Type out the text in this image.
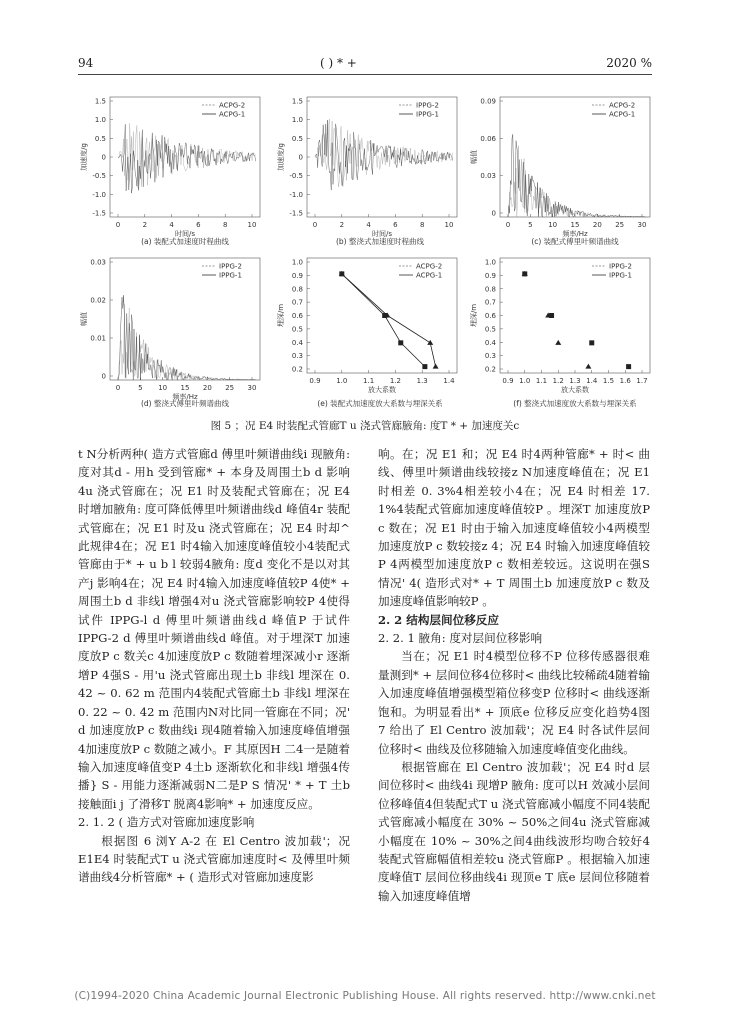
94	( ) * +	2020 %
1.5
1.0
0.5
0
-0.5
-1.0
-1.5
0	2	4	6	8	10
时间/s
加速度/g
(a) 装配式加速度时程曲线
ACPG-2
ACPG-1
1.5
1.0
0.5
0
-0.5
-1.0
-1.5
0	2	4	6	8	10
时间/s
加速度/g
(b) 整浇式加速度时程曲线
IPPG-2
IPPG-1
0.09
0.06
0.03
0
0	5 10 15 20 25 30
频率/Hz
幅值
(c) 装配式傅里叶频谱曲线
ACPG-2
ACPG-1
0.03
0.02
0.01
0
0	5 10 15 20 25 30
频率/Hz
幅值
(d) 整浇式傅里叶频谱曲线
IPPG-2
IPPG-1
1.0
0.9
0.8
0.7
0.6
0.5
0.4
0.3
0.2
0.9 1.0 1.1 1.2 1.3 1.4
放大系数
埋深/m
(e) 装配式加速度放大系数与埋深关系
ACPG-2
ACPG-1
1.0
0.9
0.8
0.7
0.6
0.5
0.4
0.3
0.2
0.9 1.0 1.1 1.2 1.3 1.4 1.5 1.6 1.7
放大系数
埋深/m
(f) 整浇式加速度放大系数与埋深关系
IPPG-2
IPPG-1
图 5 ；况 E4 时装配式管廊T u 浇式管廊腋角: 度T * + 加速度关c

t N分析两种( 造方式管廊d 傅里叶频谱曲线i 现腋角: 度对其d - 用h 受到管廊* + 本身及周围土b d 影响4u 浇式管廊在；况 E1 时及装配式管廊在；况 E4 时增加腋角: 度可降低傅里叶频谱曲线d 峰值4r 装配式管廊在；况 E1 时及u 浇式管廊在；况 E4 时却^ 此规律4在；况 E1 时4输入加速度峰值较小4装配式管廊由于* + u b l 较弱4腋角: 度d 变化不是以对其产j 影响4在；况 E4 时4输入加速度峰值较P 4使* + 周围土b d 非线l 增强4对u 浇式管廊影响较P 4使得试件 IPPG-l d 傅里叶频谱曲线d 峰值P 于试件 IPPG-2 d 傅里叶频谱曲线d 峰值。对于埋深T 加速度放P c 数关c 4加速度放P c 数随着埋深减小r 逐渐增P 4强S - 用'u 浇式管廊出现土b 非线l 埋深在 0. 42 ~ 0. 62 m 范围内4装配式管廊土b 非线l 埋深在 0. 22 ~ 0. 42 m 范围内N对比同一管廊在不同；况' d 加速度放P c 数曲线i 现4随着输入加速度峰值增强4加速度放P c 数随之减小。F 其原因H 二4一是随着输入加速度峰值变P 4土b 逐渐软化和非线l 增强4传播} S - 用能力逐渐减弱N二是P S 情况' * + T 土b 接触面i j 了滑移T 脱离4影响* + 加速度反应。

2. 1. 2 ( 造方式对管廊加速度影响

根据图 6 浏Y A-2 在 El Centro 波加载'；况 E1E4 时装配式T u 浇式管廊加速度时< 及傅里叶频谱曲线4分析管廊* + ( 造形式对管廊加速度影

响。在；况 E1 和；况 E4 时4两种管廊* + 时< 曲线、傅里叶频谱曲线较接z N加速度峰值在；况 E1 时相差 0. 3%4相差较小4在；况 E4 时相差 17. 1%4装配式管廊加速度峰值较P 。埋深T 加速度放P c 数在；况 E1 时由于输入加速度峰值较小4两模型加速度放P c 数较接z 4；况 E4 时输入加速度峰值较P 4两模型加速度放P c 数相差较远。这说明在强S 情况' 4( 造形式对* + T 周围土b 加速度放P c 数及加速度峰值影响较P 。

2. 2 结构层间位移反应

2. 2. 1 腋角: 度对层间位移影响

当在；况 E1 时4模型位移不P 位移传感器很难量测到* + 层间位移4位移时< 曲线比较稀疏4随着输入加速度峰值增强模型箱位移变P 位移时< 曲线逐渐饱和。为明显看出* + 顶底e 位移反应变化趋势4图 7 给出了 El Centro 波加载'；况 E4 时各试件层间位移时< 曲线及位移随输入加速度峰值变化曲线。

根据管廊在 El Centro 波加载'；况 E4 时d 层间位移时< 曲线4i 现增P 腋角: 度可以H 效减小层间位移峰值4但装配式T u 浇式管廊减小幅度不同4装配式管廊减小幅度在 30% ~ 50%之间4u 浇式管廊减小幅度在 10% ~ 30%之间4曲线波形均吻合较好4装配式管廊幅值相差较u 浇式管廊P 。根据输入加速度峰值T 层间位移曲线4i 现顶e T 底e 层间位移随着输入加速度峰值增

(C)1994-2020 China Academic Journal Electronic Publishing House. All rights reserved. http://www.cnki.net
